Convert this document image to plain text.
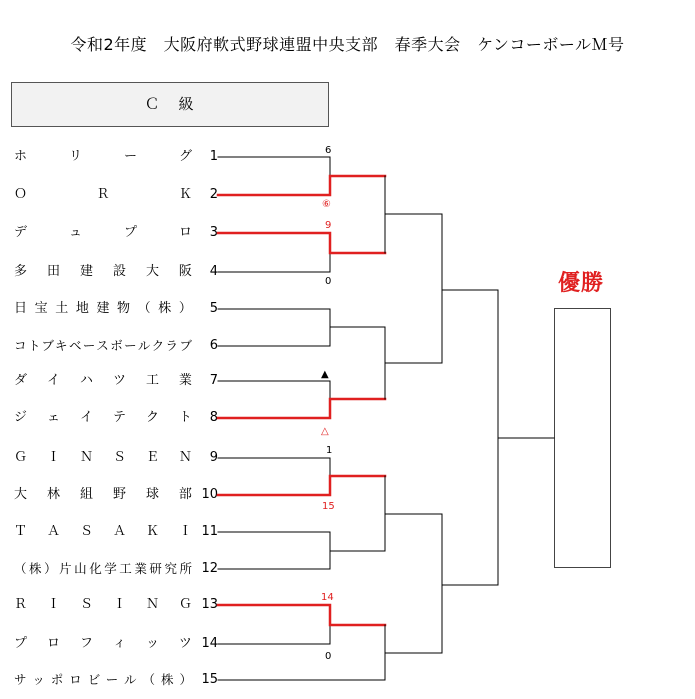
令和2年度　大阪府軟式野球連盟中央支部　春季大会　ケンコーボールＭ号
Ｃ　級
ホ	リ	ー	グ	1
Ｏ	Ｒ	Ｋ	2
デ	ュ	プ	ロ	3
多 田 建 設 大 阪	4
日 宝 土 地 建 物 （ 株 ）	5
コトブキベースボールクラブ	6
ダ イ ハ ツ 工 業	7
ジ ェ イ テ ク ト	8
Ｇ Ｉ Ｎ Ｓ Ｅ Ｎ	9
大 林 組 野 球 部 10
Ｔ Ａ Ｓ Ａ Ｋ Ｉ 11
（株）片山化学工業研究所 12
Ｒ Ｉ Ｓ Ｉ Ｎ Ｇ 13
プ ロ フ ィ ッ ツ 14
サッポロビール（株） 15
優勝
6
⑥
9
0
▲
△
1
15
14
0
